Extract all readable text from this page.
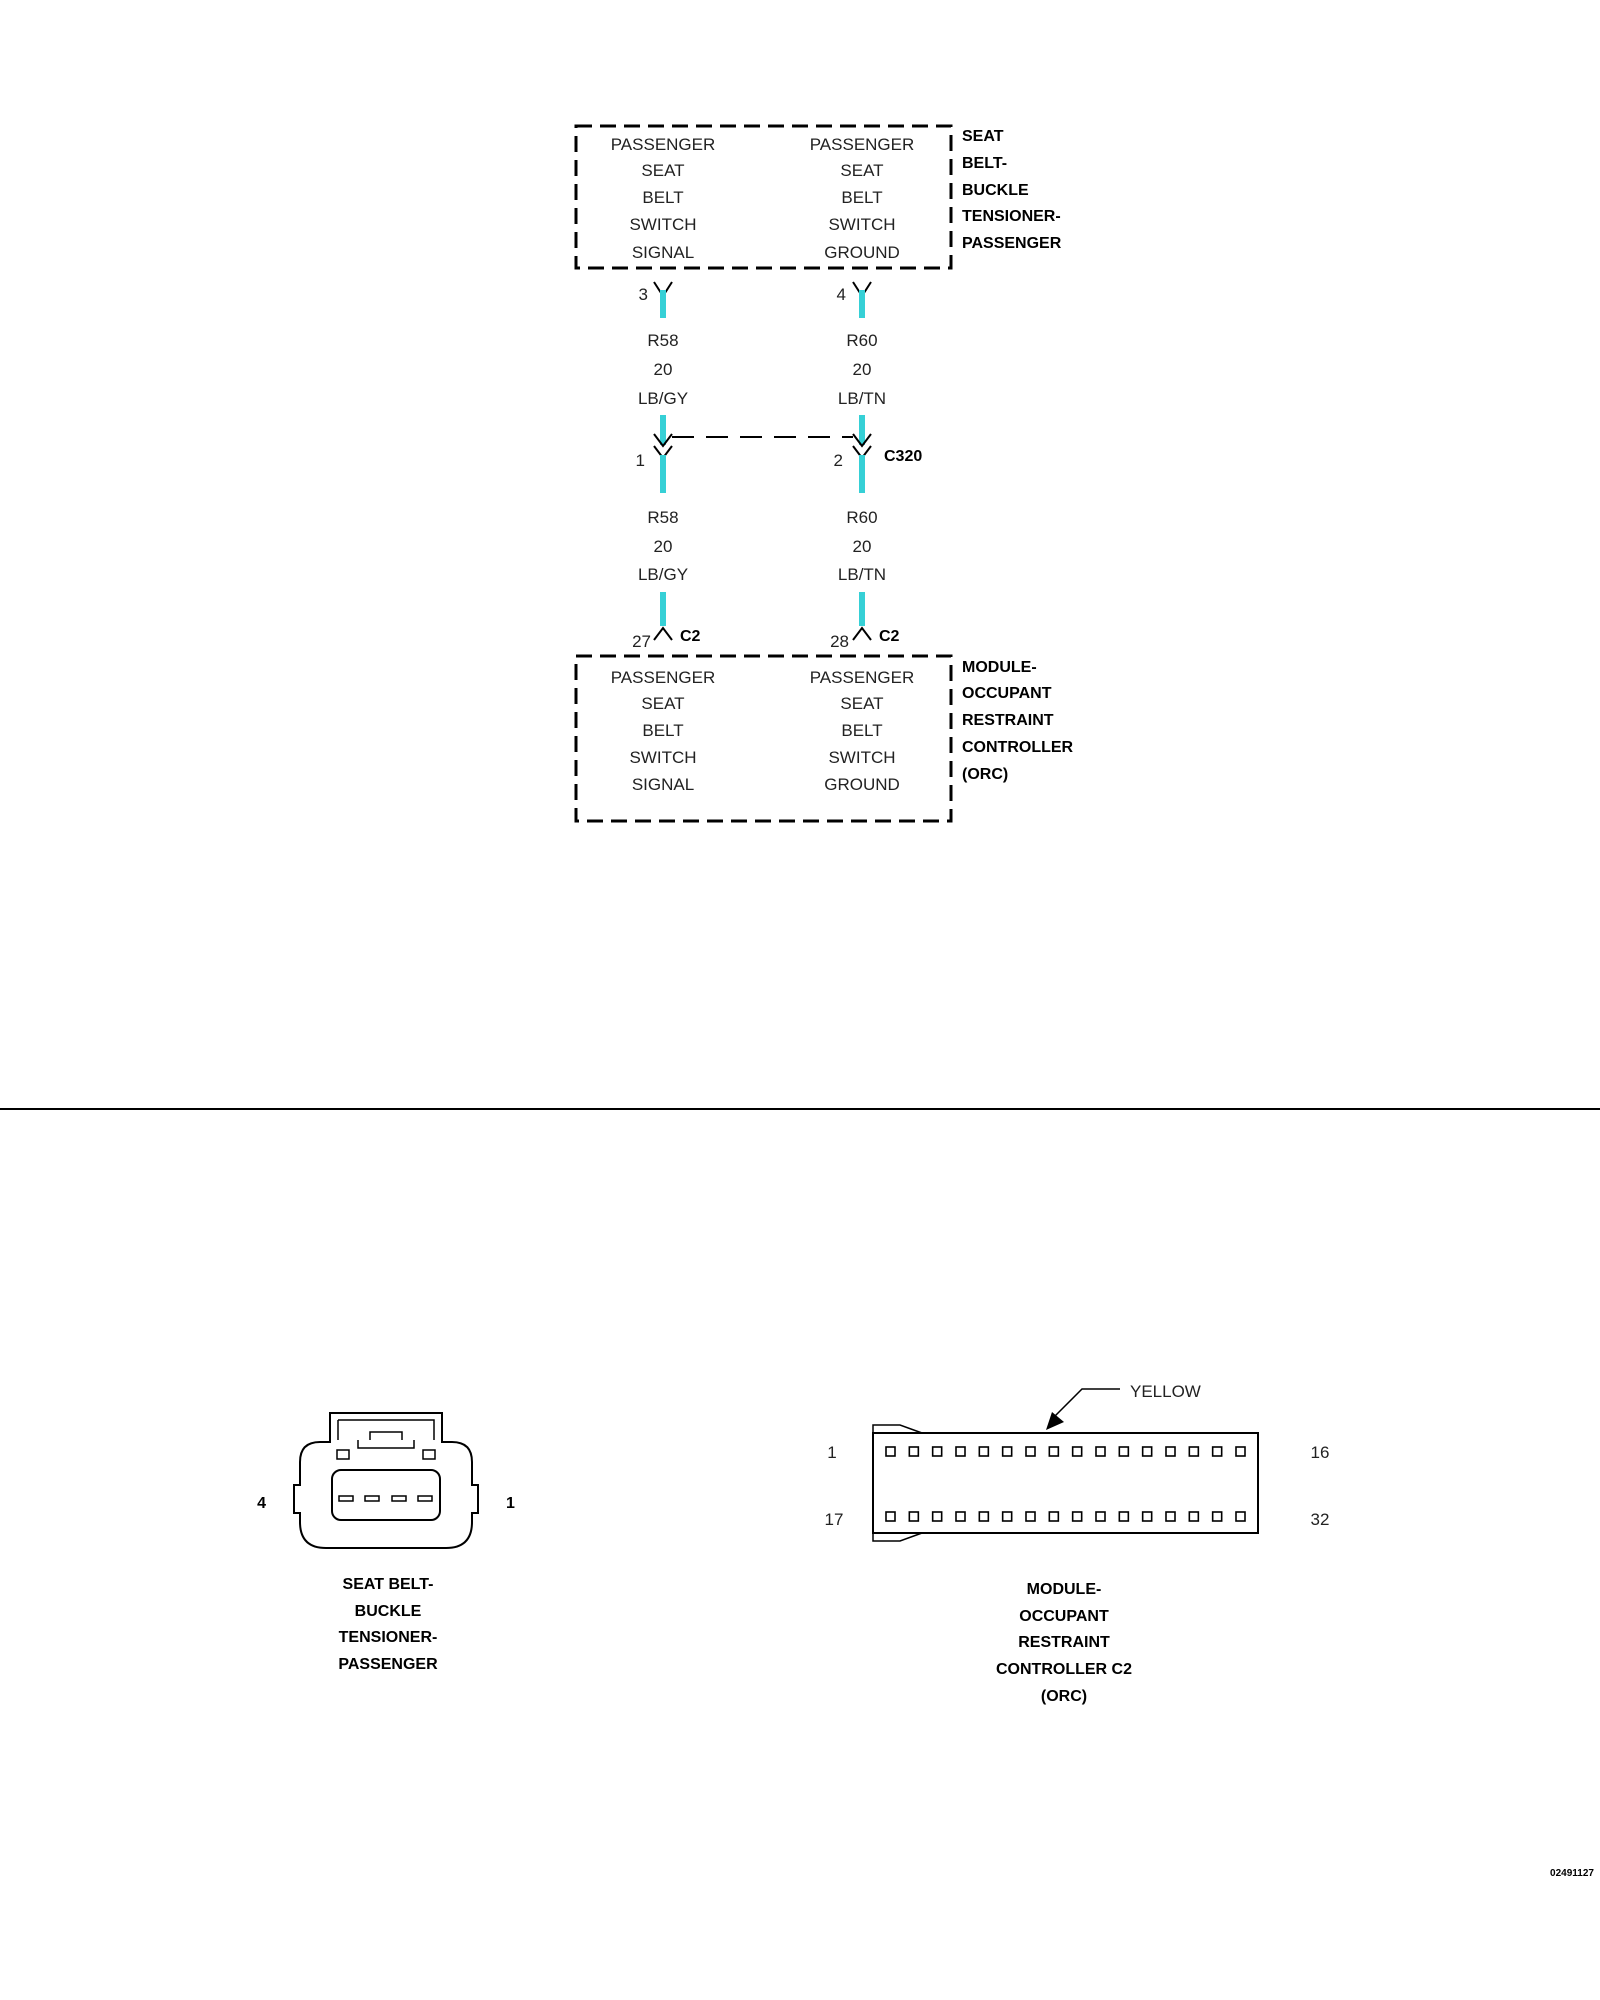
PASSENGER
SEAT
BELT
SWITCH
SIGNAL
PASSENGER
SEAT
BELT
SWITCH
GROUND
SEAT
BELT-
BUCKLE
TENSIONER-
PASSENGER
3	4
R58
20
LB/GY
R60
20
LB/TN
1	2	C320
R58
20
LB/GY
R60
20
LB/TN
27	28
C2	C2
PASSENGER
SEAT
BELT
SWITCH
SIGNAL
PASSENGER
SEAT
BELT
SWITCH
GROUND
MODULE-
OCCUPANT
RESTRAINT
CONTROLLER
(ORC)
4	1
SEAT BELT-
BUCKLE
TENSIONER-
PASSENGER
YELLOW
1	16
17	32
MODULE-
OCCUPANT
RESTRAINT
CONTROLLER C2
(ORC)
02491127
